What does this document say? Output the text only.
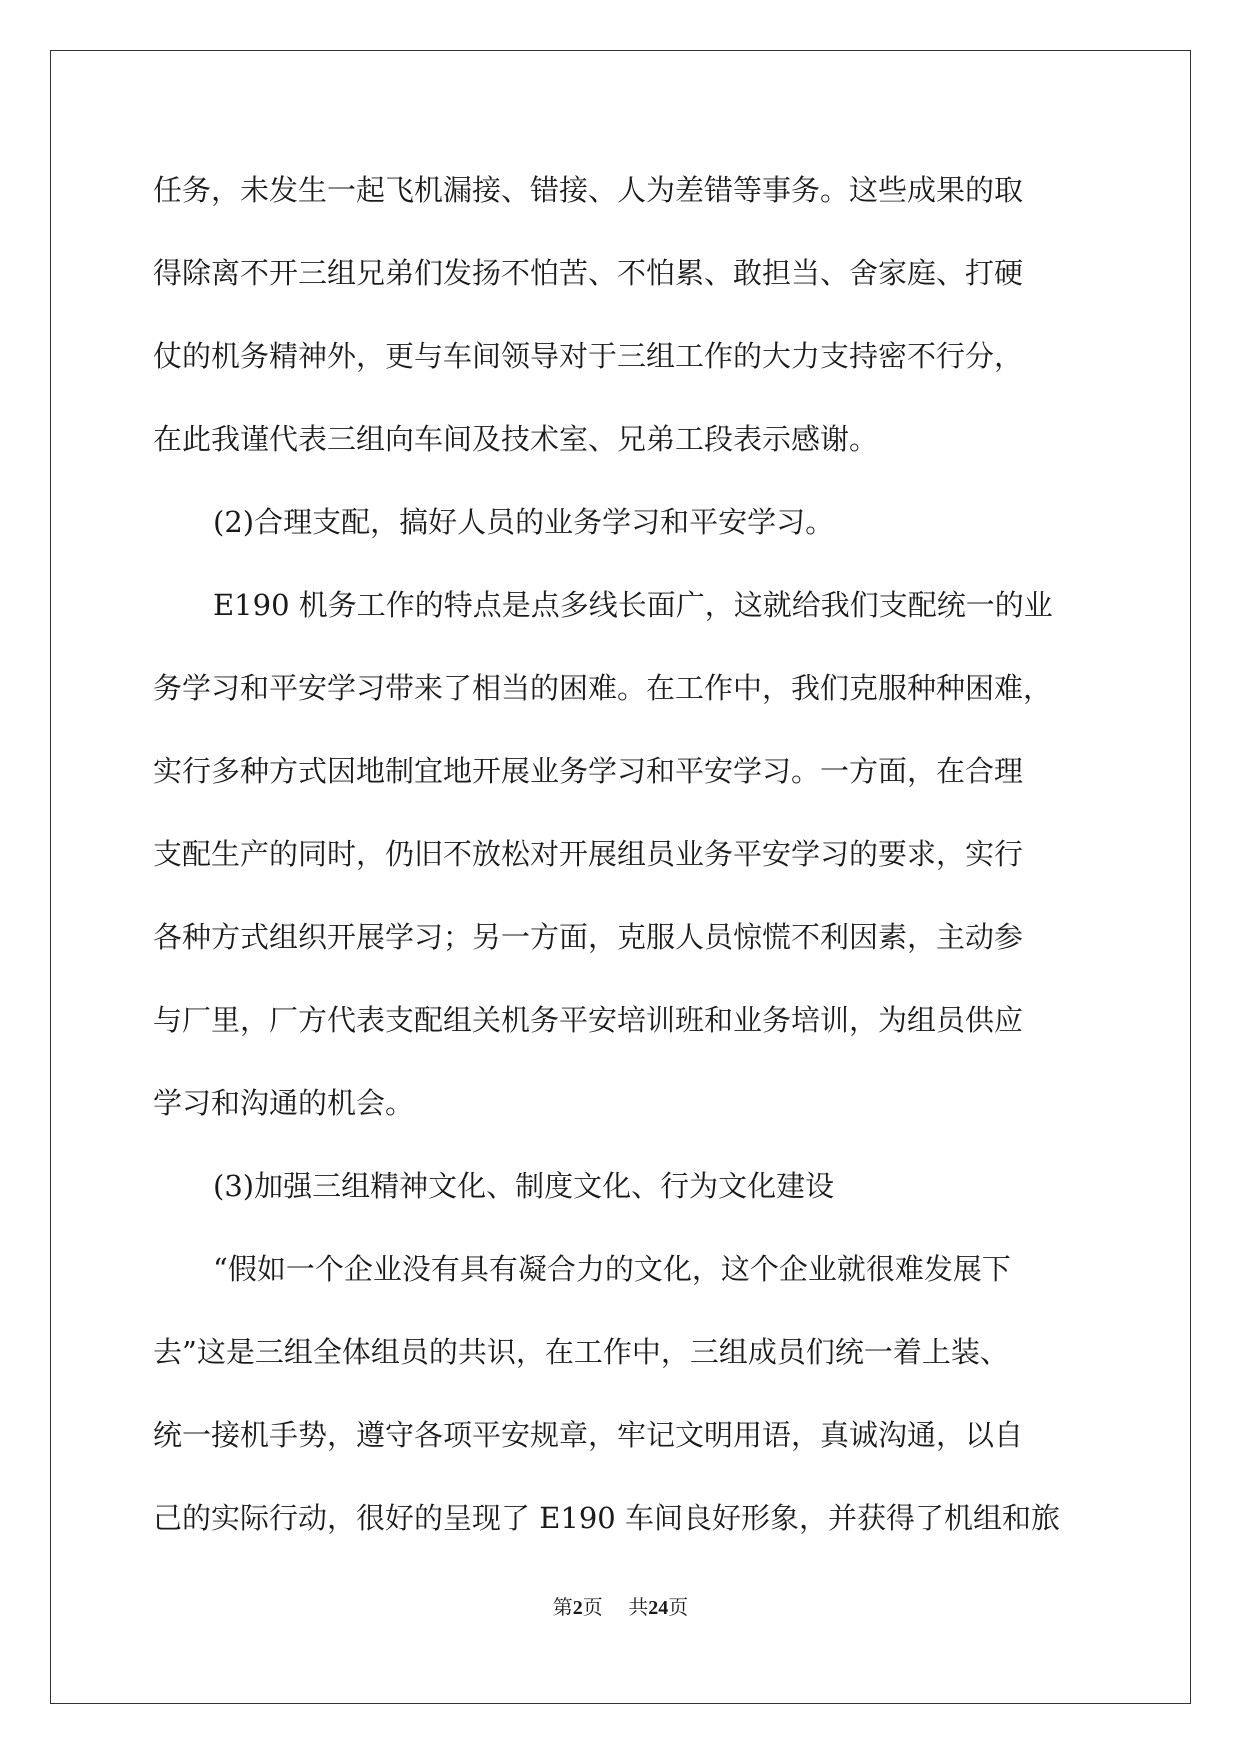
任务，未发生一起飞机漏接、错接、人为差错等事务。这些成果的取
得除离不开三组兄弟们发扬不怕苦、不怕累、敢担当、舍家庭、打硬
仗的机务精神外，更与车间领导对于三组工作的大力支持密不行分，
在此我谨代表三组向车间及技术室、兄弟工段表示感谢。
(2)合理支配，搞好人员的业务学习和平安学习。
E190 机务工作的特点是点多线长面广，这就给我们支配统一的业
务学习和平安学习带来了相当的困难。在工作中，我们克服种种困难，
实行多种方式因地制宜地开展业务学习和平安学习。一方面，在合理
支配生产的同时，仍旧不放松对开展组员业务平安学习的要求，实行
各种方式组织开展学习；另一方面，克服人员惊慌不利因素，主动参
与厂里，厂方代表支配组关机务平安培训班和业务培训，为组员供应
学习和沟通的机会。
(3)加强三组精神文化、制度文化、行为文化建设
“假如一个企业没有具有凝合力的文化，这个企业就很难发展下
去”这是三组全体组员的共识，在工作中，三组成员们统一着上装、
统一接机手势，遵守各项平安规章，牢记文明用语，真诚沟通，以自
己的实际行动，很好的呈现了 E190 车间良好形象，并获得了机组和旅
第2页 共24页
